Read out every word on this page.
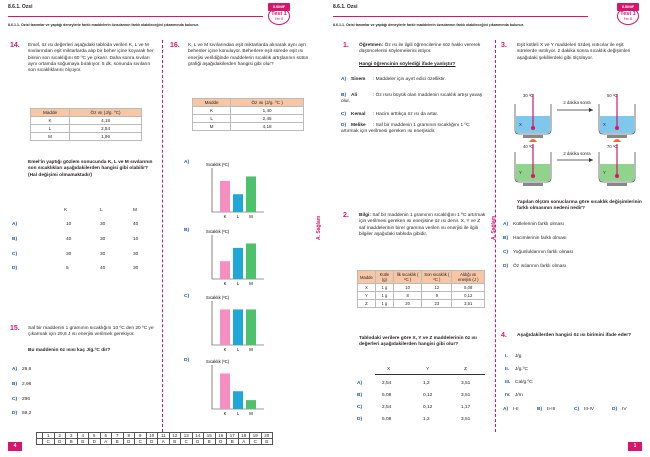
8.6.1. Ozsi
8.6.1.1. Ozisi tanımlar ve yaptığı deneylerle farklı maddelerin özısılarının farklı olabileceğini çıkarımında bulunur.
Test 1
Fen B
8.SINIF
14. Emel, öz ısı değerleri aşağıdaki tabloda verilen K, L ve M sıvılarından eşit miktarlarda alıp bir beher içine koyarak her birinin son sıcaklığını 60 ºC ye çıkarır. Daha sonra sıvıları aynı ortamda soğumaya bırakıyor. 5 dk. sonunda sıvıların son sıcaklıklarını ölçüyor.
Madde	Öz ısı (J/g. ºC)
K	4,18
L	2,54
M	1,96
Emel'in yaptığı gözlem sonucunda K, L ve M sıvılarının son sıcaklıkları aşağıdakilerden hangisi gibi olabilir? (Hal değişimi olmamaktadır)
K	L	M
A)	10	30	40
B)	40	30	10
C)	30	30	30
D)	5	40	30
15. Saf bir maddenin 1 gramının sıcaklığını 10 ºC den 20 ºC ye çıkarmak için 29,6 J ısı enerjisi verilmek gerekiyor.
Bu maddenin öz ısısı kaç J/g.ºC dir?
A) 29,6
B) 2,96
C) 296
D) 59,2
16. K, L ve M sıvılarından eşit miktarlarda alınarak aynı ayrı behenler içine konuluyor. Beherlere eşit sürede eşit ısı enerjisi verildiğinde maddelerin sıcaklık artışlarının sütün grafiği aşağıdakilerden hangisi gibi olur?
Madde	Öz ısı (J/g. ºC )
K	1,40
L	2,45
M	4,18
A)
B)
C)
D)
Sıcaklık (ºC)
K L M
Sıcaklık (ºC)
K L M
Sıcaklık (ºC)
K L M
Sıcaklık (ºC)
K L M
A. Sağlam
4
	1	2	3	4	5	6	7	8	9	10	11	12	13	14	15	16	17	18	19	20
	C	D	B	B	D	A	B	D	C	D	A	B	C	D	B	D	B	A	C	B
8.6.1. Ozsi
8.6.1.1. Ozisi tanımlar ve yaptığı deneylerle farklı maddelerin özısılarının farklı olabileceğini çıkarımında bulunur.
Test 1
Fen B
8.SINIF
1. Öğretmen: Öz ısı ile ilgili öğrencilerine söz hakkı vererek düşüncelerini söylemelerini istiyor.
Hangi öğrencinin söylediği ifade yanlıştır?
A) Sinem : Maddeler için ayırt edici özelliktir.
B) Ali	: Öz ısısı büyük olan maddenin sıcaklık artışı yavaş olur.
C) Kemal : Hacim arttıkça öz ısı da artar.
D) Melike : Saf bir maddenin 1 gramının sıcaklığını 1 ºC artırmak için verilmesi gereken ısı enerjisidir.
2. Bilgi: Saf bir maddenin 1 gramının sıcaklığını 1 ºC artırmak için verilmesi gereken ısı enerjisine öz ısı denir. X, Y ve Z saf maddelerinin birer gramına verilen ısı enerjisi ile ilgili bilgiler aşağıdaki tabloda gibidir.
Madde	Kütle (g)	İlk sıcaklık ( ºC )	Son sıcaklık ( ºC )	Aldığı ısı enerjisi (J )
X	1 g	10	12	5,08
Y	1 g	8	9	0,12
Z	1 g	20	23	3,51
Tablodaki verilere göre X, Y ve Z maddelerinin öz ısı değerleri aşağıdakilerden hangisi gibi olur?
X	Y	Z
A)	2,54	1,2	3,51
B)	5,08	0,12	3,51
C)	2,54	0,12	1,17
D)	5,08	1,2	3,51
A. Sağlam
3. Eşit kütleli X ve Y maddeleri özdeş ısıtıcılar ile eşit sürelerde ısıtılıyor. 2 dakika sonra sıcaklık değişimleri aşağıdaki şekillerdeki gibi ölçülüyor.
2 dakika sonra
2 dakika sonra
30 ºC	50 ºC
40 ºC	70 ºC
X	X
Y	Y
Yapılan ölçüm sonuclarına göre sıcaklık değişimlerinin farklı olmasının nedeni nedir?
A) Kütlelerinin farklı olması
B) Hacimlerinin farklı olması
C) Yoğunluklarının farklı olması
D) Öz ısılarının farklı olması
4. Aşağıdakilerden hangisi öz ısı birimini ifade eder?
I. J/g
II. J/g.ºC
III. Cal/g.ºC
IV. J/m
A) I-II	B) II-III	C) III-IV	D) IV
1
